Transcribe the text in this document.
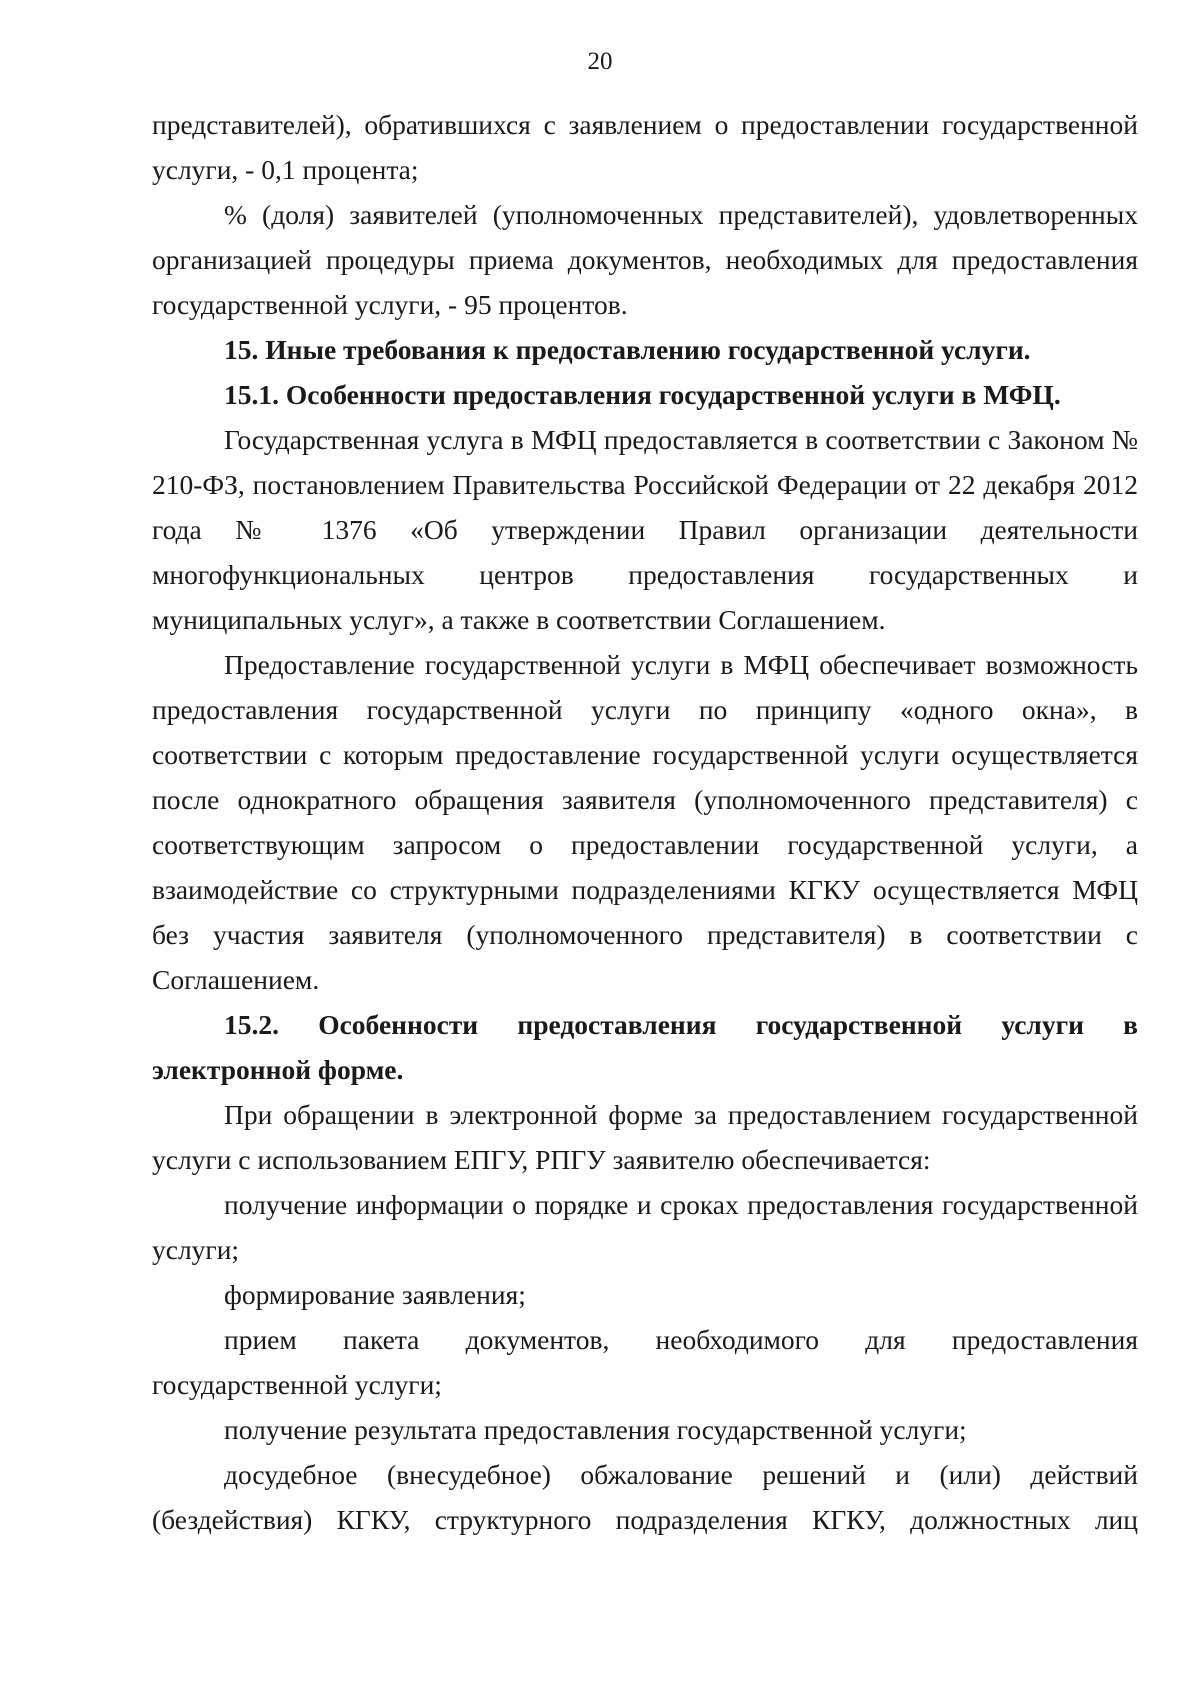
20

представителей), обратившихся с заявлением о предоставлении государственной услуги, - 0,1 процента;

% (доля) заявителей (уполномоченных представителей), удовлетворенных организацией процедуры приема документов, необходимых для предоставления государственной услуги, - 95 процентов.

15. Иные требования к предоставлению государственной услуги.

15.1. Особенности предоставления государственной услуги в МФЦ.

Государственная услуга в МФЦ предоставляется в соответствии с Законом № 210-ФЗ, постановлением Правительства Российской Федерации от 22 декабря 2012 года № 1376 «Об утверждении Правил организации деятельности многофункциональных центров предоставления государственных и муниципальных услуг», а также в соответствии Соглашением.

Предоставление государственной услуги в МФЦ обеспечивает возможность предоставления государственной услуги по принципу «одного окна», в соответствии с которым предоставление государственной услуги осуществляется после однократного обращения заявителя (уполномоченного представителя) с соответствующим запросом о предоставлении государственной услуги, а взаимодействие со структурными подразделениями КГКУ осуществляется МФЦ без участия заявителя (уполномоченного представителя) в соответствии с Соглашением.

15.2. Особенности предоставления государственной услуги в электронной форме.

При обращении в электронной форме за предоставлением государственной услуги с использованием ЕПГУ, РПГУ заявителю обеспечивается:

получение информации о порядке и сроках предоставления государственной услуги;

формирование заявления;

прием пакета документов, необходимого для предоставления государственной услуги;

получение результата предоставления государственной услуги;

досудебное (внесудебное) обжалование решений и (или) действий (бездействия) КГКУ, структурного подразделения КГКУ, должностных лиц
